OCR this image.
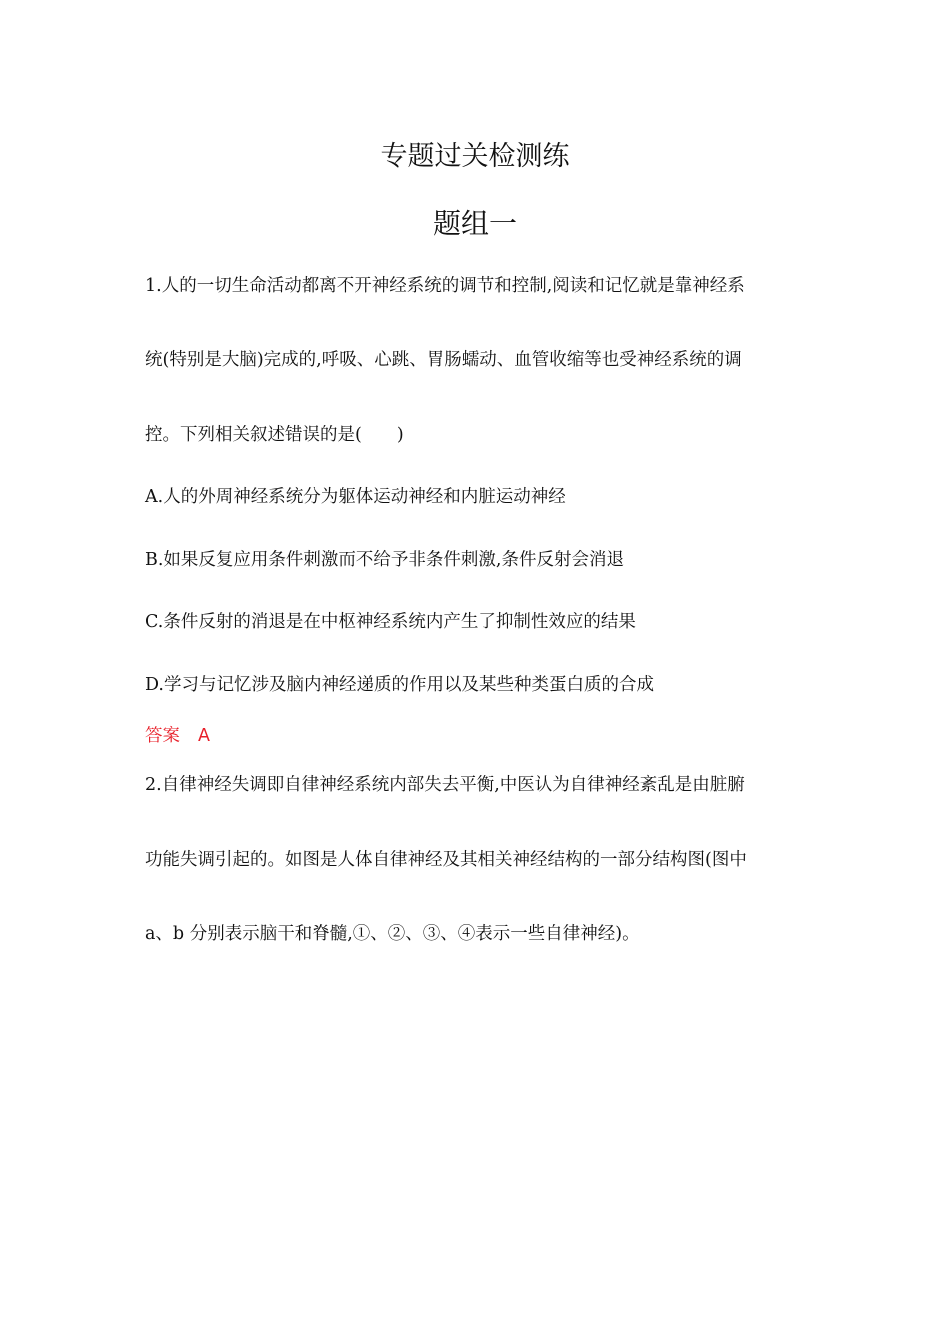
专题过关检测练
题组一
1.人的一切生命活动都离不开神经系统的调节和控制,阅读和记忆就是靠神经系
统(特别是大脑)完成的,呼吸、心跳、胃肠蠕动、血管收缩等也受神经系统的调
控。下列相关叙述错误的是(　　)
A.人的外周神经系统分为躯体运动神经和内脏运动神经
B.如果反复应用条件刺激而不给予非条件刺激,条件反射会消退
C.条件反射的消退是在中枢神经系统内产生了抑制性效应的结果
D.学习与记忆涉及脑内神经递质的作用以及某些种类蛋白质的合成
答案 A
2.自律神经失调即自律神经系统内部失去平衡,中医认为自律神经紊乱是由脏腑
功能失调引起的。如图是人体自律神经及其相关神经结构的一部分结构图(图中
a、b 分别表示脑干和脊髓,①、②、③、④表示一些自律神经)。
